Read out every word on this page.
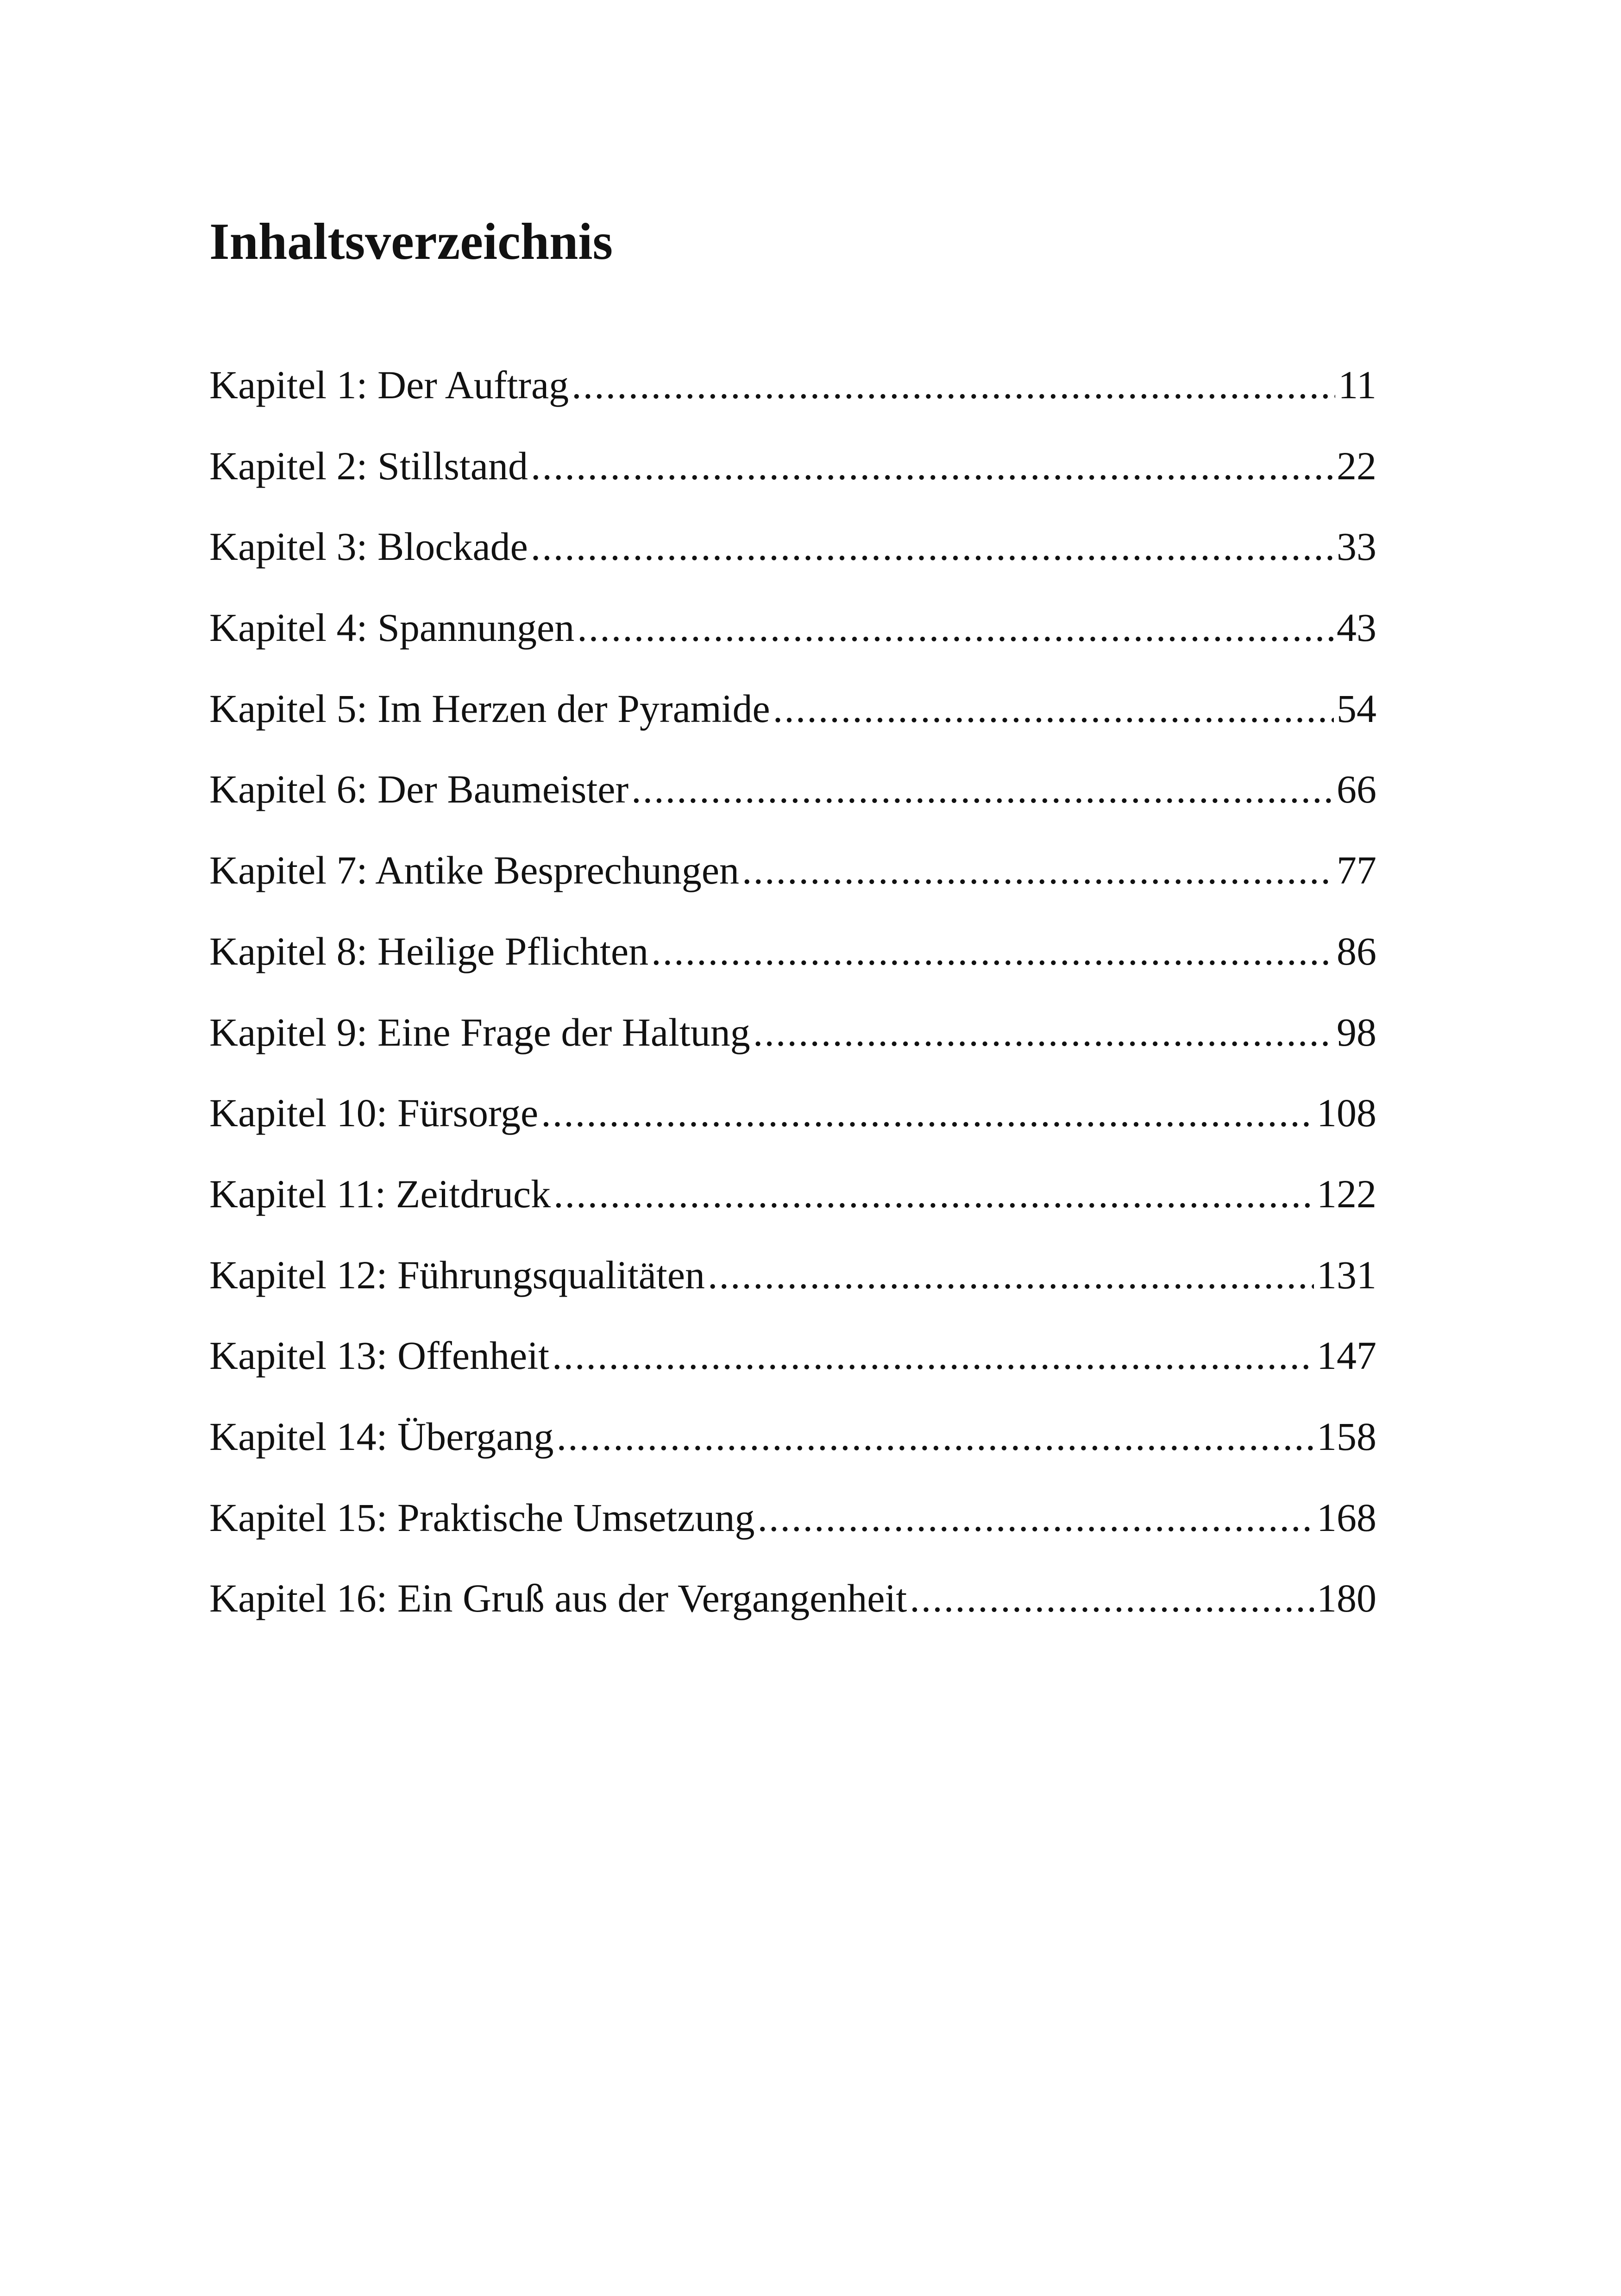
Inhaltsverzeichnis
Kapitel 1: Der Auftrag .....	11
Kapitel 2: Stillstand .....	22
Kapitel 3: Blockade .....	33
Kapitel 4: Spannungen .....	43
Kapitel 5: Im Herzen der Pyramide .....	54
Kapitel 6: Der Baumeister .....	66
Kapitel 7: Antike Besprechungen .....	77
Kapitel 8: Heilige Pflichten .....	86
Kapitel 9: Eine Frage der Haltung .....	98
Kapitel 10: Fürsorge .....	108
Kapitel 11: Zeitdruck .....	122
Kapitel 12: Führungsqualitäten .....	131
Kapitel 13: Offenheit .....	147
Kapitel 14: Übergang .....	158
Kapitel 15: Praktische Umsetzung .....	168
Kapitel 16: Ein Gruß aus der Vergangenheit .....	180
